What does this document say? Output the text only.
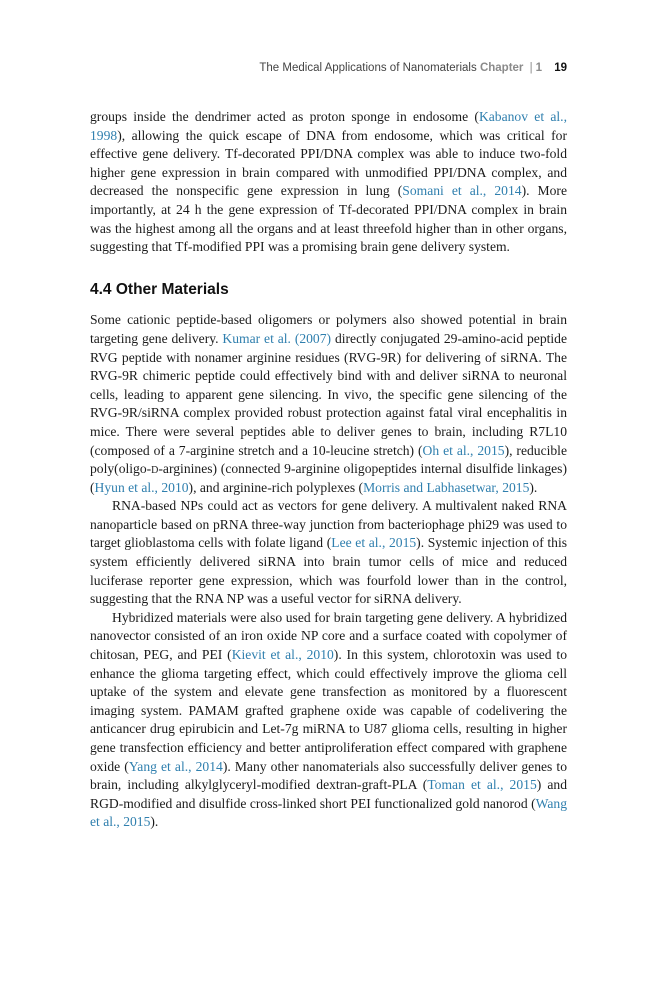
The Medical Applications of Nanomaterials Chapter | 1 19

groups inside the dendrimer acted as proton sponge in endosome (Kabanov et al., 1998), allowing the quick escape of DNA from endosome, which was critical for effective gene delivery. Tf-decorated PPI/DNA complex was able to induce two-fold higher gene expression in brain compared with unmodified PPI/DNA complex, and decreased the nonspecific gene expression in lung (Somani et al., 2014). More importantly, at 24 h the gene expression of Tf-decorated PPI/DNA complex in brain was the highest among all the organs and at least threefold higher than in other organs, suggesting that Tf-modified PPI was a promising brain gene delivery system.

4.4 Other Materials

Some cationic peptide-based oligomers or polymers also showed potential in brain targeting gene delivery. Kumar et al. (2007) directly conjugated 29-amino-acid peptide RVG peptide with nonamer arginine residues (RVG-9R) for delivering of siRNA. The RVG-9R chimeric peptide could effectively bind with and deliver siRNA to neuronal cells, leading to apparent gene silencing. In vivo, the specific gene silencing of the RVG-9R/siRNA complex provided robust protection against fatal viral encephalitis in mice. There were several peptides able to deliver genes to brain, including R7L10 (composed of a 7-arginine stretch and a 10-leucine stretch) (Oh et al., 2015), reducible poly(oligo-d-arginines) (connected 9-arginine oligopeptides internal disulfide linkages) (Hyun et al., 2010), and arginine-rich polyplexes (Morris and Labhasetwar, 2015).

RNA-based NPs could act as vectors for gene delivery. A multivalent naked RNA nanoparticle based on pRNA three-way junction from bacteriophage phi29 was used to target glioblastoma cells with folate ligand (Lee et al., 2015). Systemic injection of this system efficiently delivered siRNA into brain tumor cells of mice and reduced luciferase reporter gene expression, which was fourfold lower than in the control, suggesting that the RNA NP was a useful vector for siRNA delivery.

Hybridized materials were also used for brain targeting gene delivery. A hybridized nanovector consisted of an iron oxide NP core and a surface coated with copolymer of chitosan, PEG, and PEI (Kievit et al., 2010). In this system, chlorotoxin was used to enhance the glioma targeting effect, which could effectively improve the glioma cell uptake of the system and elevate gene transfection as monitored by a fluorescent imaging system. PAMAM grafted graphene oxide was capable of codelivering the anticancer drug epirubicin and Let-7g miRNA to U87 glioma cells, resulting in higher gene transfection efficiency and better antiproliferation effect compared with graphene oxide (Yang et al., 2014). Many other nanomaterials also successfully deliver genes to brain, including alkylglyceryl-modified dextran-graft-PLA (Toman et al., 2015) and RGD-modified and disulfide cross-linked short PEI functionalized gold nanorod (Wang et al., 2015).
